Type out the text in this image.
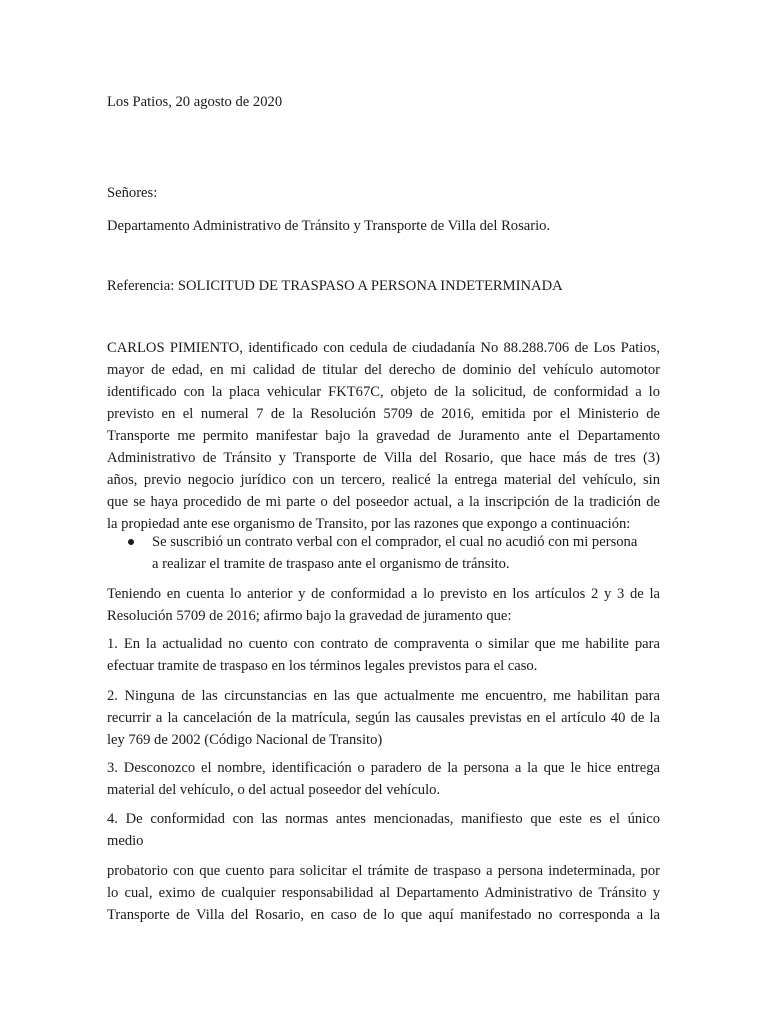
Los Patios, 20 agosto de 2020
Señores:
Departamento Administrativo de Tránsito y Transporte de Villa del Rosario.
Referencia: SOLICITUD DE TRASPASO A PERSONA INDETERMINADA
CARLOS PIMIENTO, identificado con cedula de ciudadanía No 88.288.706 de Los Patios,
mayor de edad, en mi calidad de titular del derecho de dominio del vehículo automotor
identificado con la placa vehicular FKT67C, objeto de la solicitud, de conformidad a lo
previsto en el numeral 7 de la Resolución 5709 de 2016, emitida por el Ministerio de
Transporte me permito manifestar bajo la gravedad de Juramento ante el Departamento
Administrativo de Tránsito y Transporte de Villa del Rosario, que hace más de tres (3)
años, previo negocio jurídico con un tercero, realicé la entrega material del vehículo, sin
que se haya procedido de mi parte o del poseedor actual, a la inscripción de la tradición de
la propiedad ante ese organismo de Transito, por las razones que expongo a continuación:
Se suscribió un contrato verbal con el comprador, el cual no acudió con mi persona
a realizar el tramite de traspaso ante el organismo de tránsito.
Teniendo en cuenta lo anterior y de conformidad a lo previsto en los artículos 2 y 3 de la
Resolución 5709 de 2016; afirmo bajo la gravedad de juramento que:
1. En la actualidad no cuento con contrato de compraventa o similar que me habilite para
efectuar tramite de traspaso en los términos legales previstos para el caso.
2. Ninguna de las circunstancias en las que actualmente me encuentro, me habilitan para
recurrir a la cancelación de la matrícula, según las causales previstas en el artículo 40 de la
ley 769 de 2002 (Código Nacional de Transito)
3. Desconozco el nombre, identificación o paradero de la persona a la que le hice entrega
material del vehículo, o del actual poseedor del vehículo.
4. De conformidad con las normas antes mencionadas, manifiesto que este es el único
medio
probatorio con que cuento para solicitar el trámite de traspaso a persona indeterminada, por
lo cual, eximo de cualquier responsabilidad al Departamento Administrativo de Tránsito y
Transporte de Villa del Rosario, en caso de lo que aquí manifestado no corresponda a la
